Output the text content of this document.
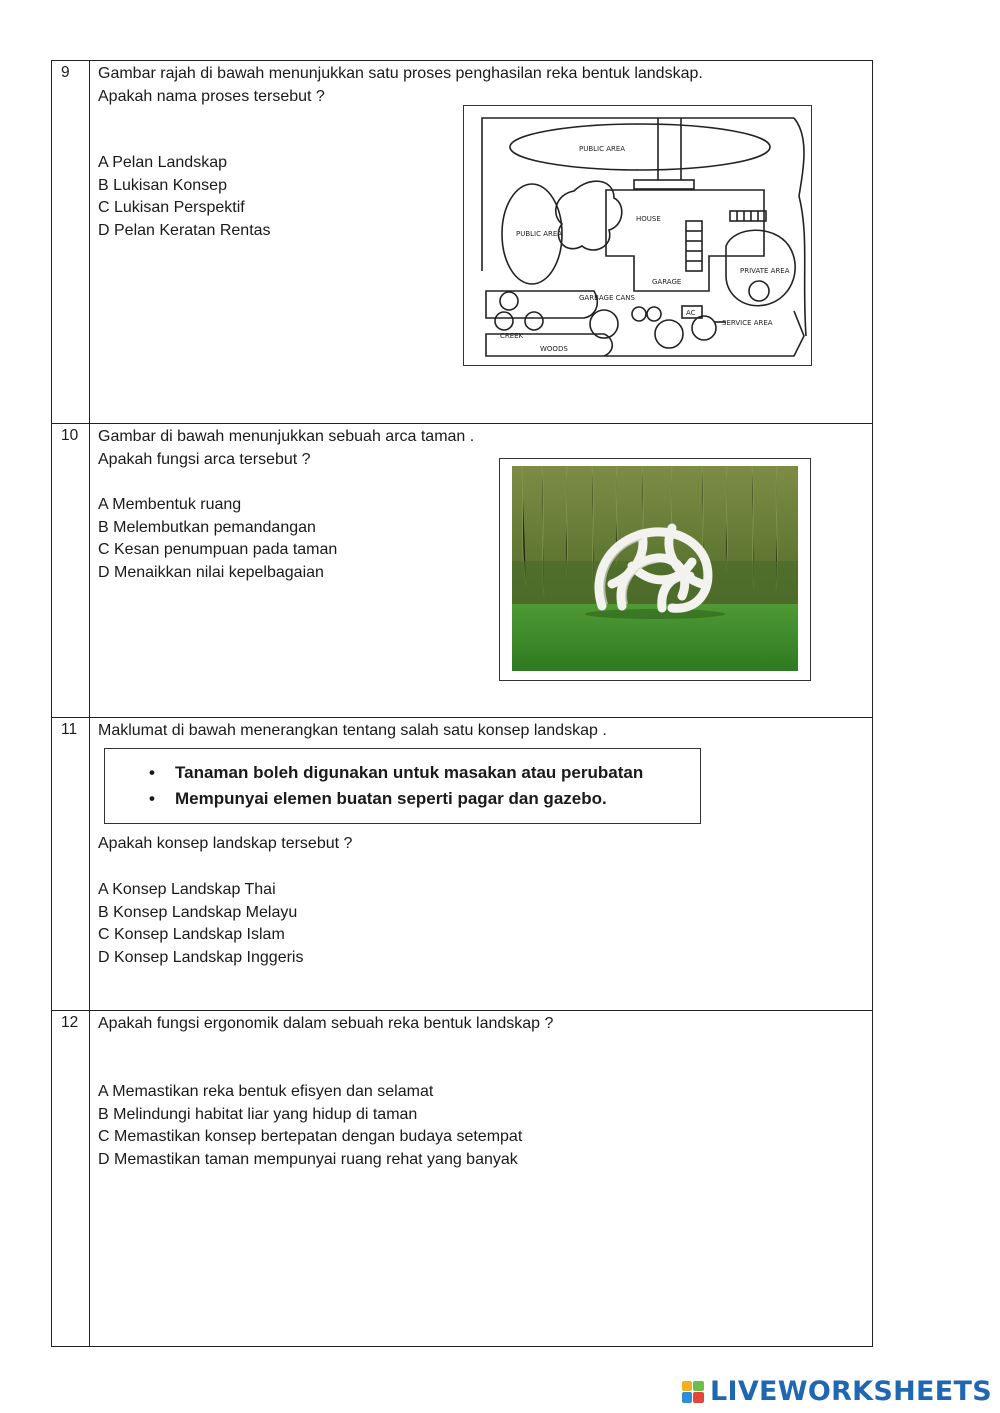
9 Gambar rajah di bawah menunjukkan satu proses penghasilan reka bentuk landskap.
Apakah nama proses tersebut ?
A Pelan Landskap
B Lukisan Konsep
C Lukisan Perspektif
D Pelan Keratan Rentas
PUBLIC AREA
PUBLIC AREA
HOUSE
PRIVATE AREA
GARAGE
GARBAGE CANS
AC
SERVICE AREA
CREEK
WOODS
10 Gambar di bawah menunjukkan sebuah arca taman .
Apakah fungsi arca tersebut ?
A Membentuk ruang
B Melembutkan pemandangan
C Kesan penumpuan pada taman
D Menaikkan nilai kepelbagaian
11 Maklumat di bawah menerangkan tentang salah satu konsep landskap .
Apakah konsep landskap tersebut ?
A Konsep Landskap Thai
B Konsep Landskap Melayu
C Konsep Landskap Islam
D Konsep Landskap Inggeris
• Tanaman boleh digunakan untuk masakan atau perubatan
• Mempunyai elemen buatan seperti pagar dan gazebo.
12 Apakah fungsi ergonomik dalam sebuah reka bentuk landskap ?
A Memastikan reka bentuk efisyen dan selamat
B Melindungi habitat liar yang hidup di taman
C Memastikan konsep bertepatan dengan budaya setempat
D Memastikan taman mempunyai ruang rehat yang banyak
LIVEWORKSHEETS
